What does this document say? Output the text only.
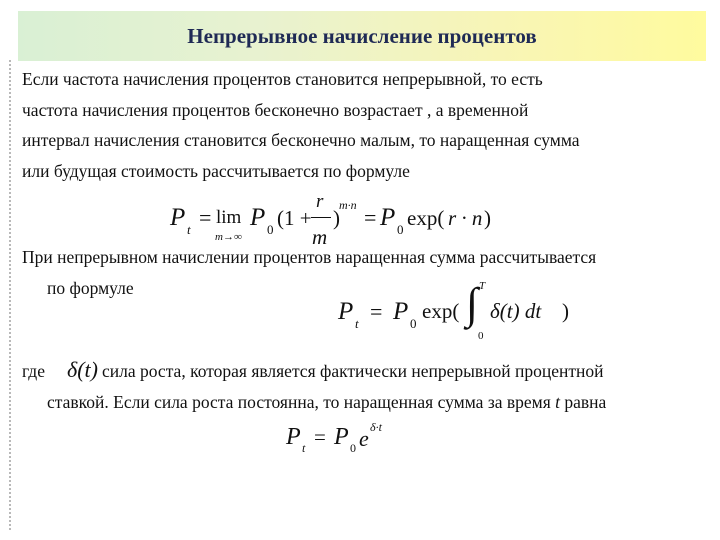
Непрерывное начисление процентов
Если частота начисления процентов становится непрерывной, то есть
частота начисления процентов бесконечно возрастает , а временной
интервал начисления становится бесконечно малым, то наращенная сумма
или будущая стоимость рассчитывается по формуле
P t = lim
m→∞
P 0 (1 +
r
m
)
m·n = P 0 exp( r · n )
При непрерывном начислении процентов наращенная сумма рассчитывается
по формуле
P t = P 0
exp(
T
∫
0
δ(t) dt )
где δ(t) сила роста, которая является фактически непрерывной процентной
ставкой. Если сила роста постоянна, то наращенная сумма за время t равна
P t = P 0 e δ·t
